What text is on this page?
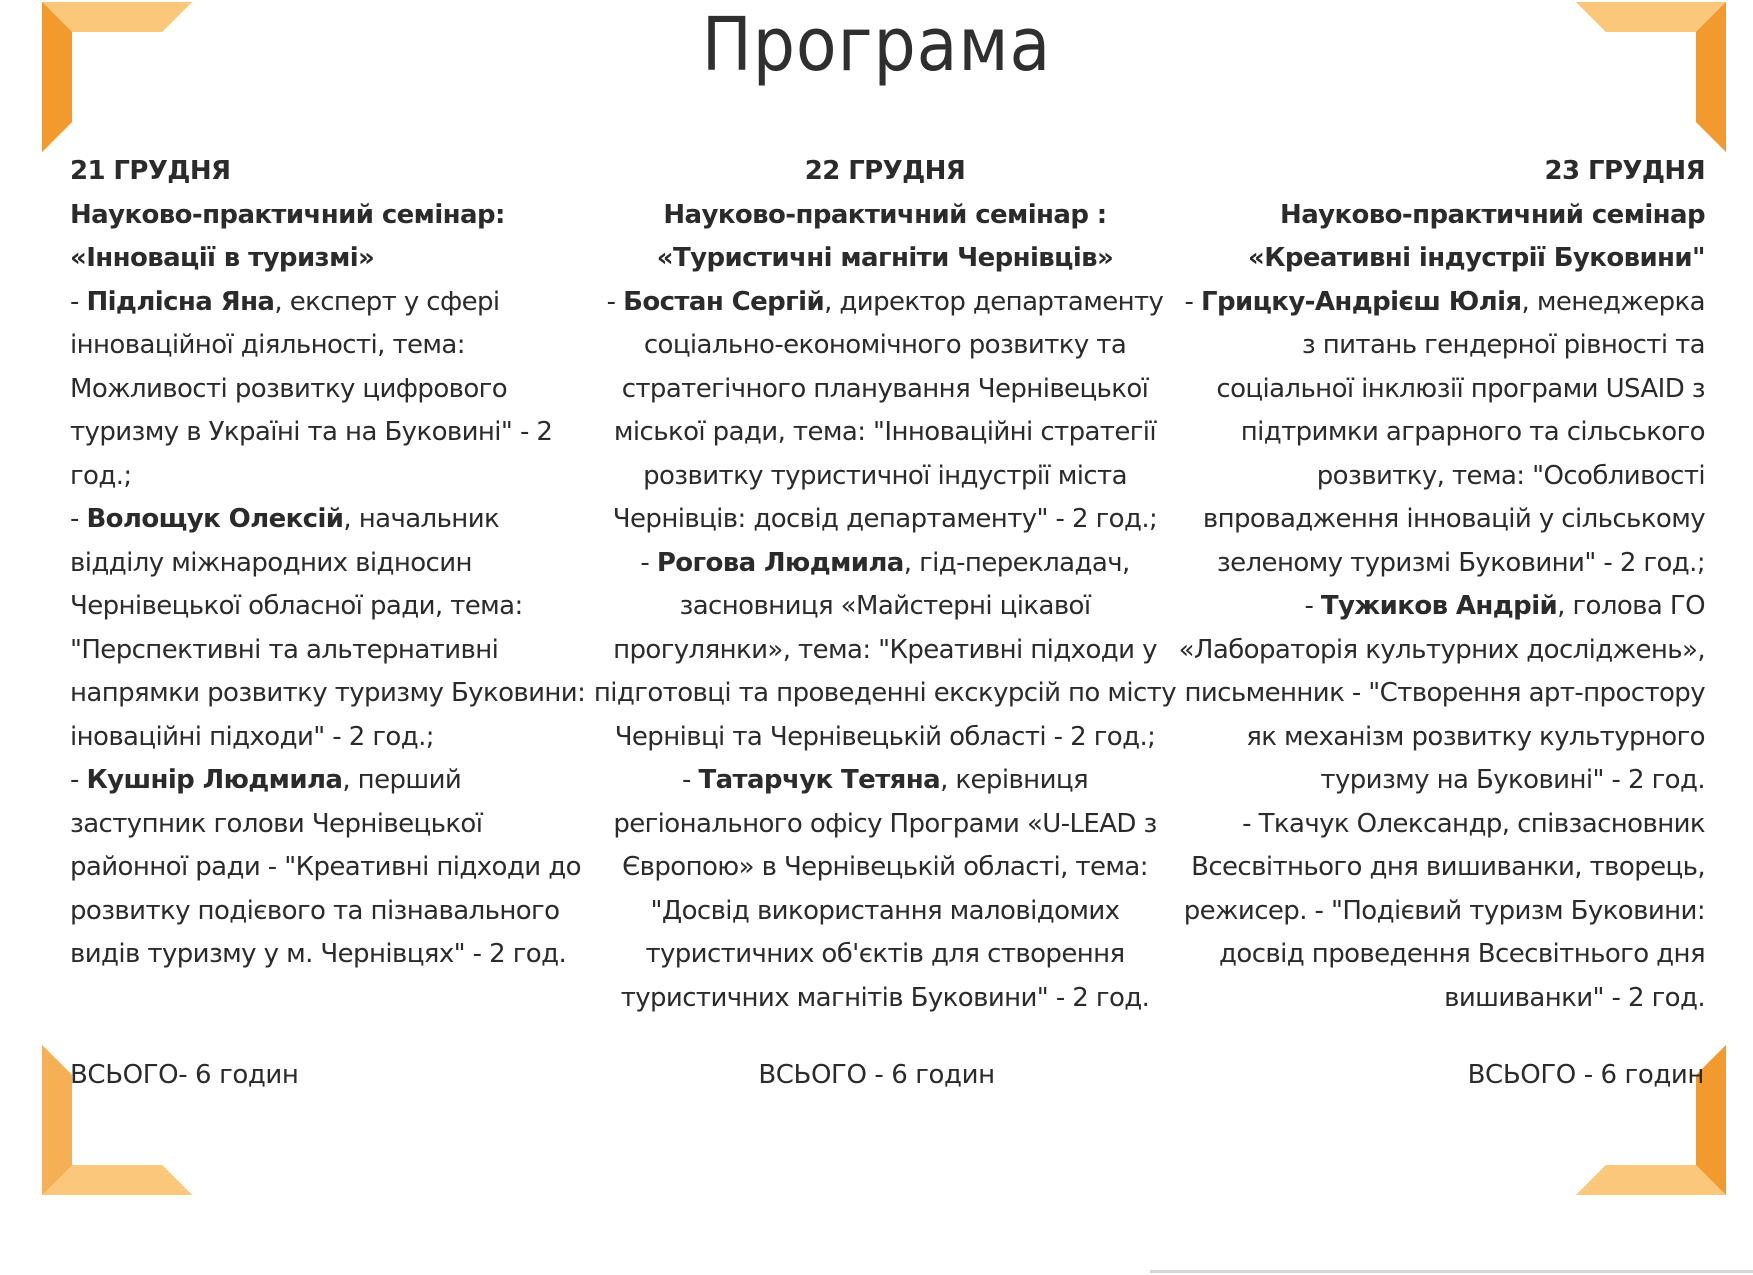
Програма

21 ГРУДНЯ

Науково-практичний семінар:

«Інновації в туризмі»

- Підлісна Яна, експерт у сфері інноваційної діяльності, тема: Можливості розвитку цифрового туризму в Україні та на Буковині" - 2 год.;

- Волощук Олексій, начальник відділу міжнародних відносин Чернівецької обласної ради, тема: "Перспективні та альтернативні напрямки розвитку туризму Буковини: іноваційні підходи" - 2 год.;

- Кушнір Людмила, перший заступник голови Чернівецької районної ради - "Креативні підходи до розвитку подієвого та пізнавального видів туризму у м. Чернівцях" - 2 год.

22 ГРУДНЯ

Науково-практичний семінар :

«Туристичні магніти Чернівців»

- Бостан Сергій, директор департаменту соціально-економічного розвитку та стратегічного планування Чернівецької міської ради, тема: "Інноваційні стратегії розвитку туристичної індустрії міста Чернівців: досвід департаменту" - 2 год.;

- Рогова Людмила, гід-перекладач, засновниця «Майстерні цікавої прогулянки», тема: "Креативні підходи у підготовці та проведенні екскурсій по місту Чернівці та Чернівецькій області - 2 год.;

- Татарчук Тетяна, керівниця регіонального офісу Програми «U-LEAD з Європою» в Чернівецькій області, тема: "Досвід використання маловідомих туристичних об'єктів для створення туристичних магнітів Буковини" - 2 год.

23 ГРУДНЯ

Науково-практичний семінар

«Креативні індустрії Буковини"

- Грицку-Андрієш Юлія, менеджерка з питань гендерної рівності та соціальної інклюзії програми USAID з підтримки аграрного та сільського розвитку, тема: "Особливості впровадження інновацій у сільському зеленому туризмі Буковини" - 2 год.;

- Тужиков Андрій, голова ГО «Лабораторія культурних досліджень», письменник - "Створення арт-простору як механізм розвитку культурного туризму на Буковині" - 2 год.

- Ткачук Олександр, співзасновник Всесвітнього дня вишиванки, творець, режисер. - "Подієвий туризм Буковини: досвід проведення Всесвітнього дня вишиванки" - 2 год.

ВСЬОГО- 6 годин	ВСЬОГО - 6 годин	ВСЬОГО - 6 годин
